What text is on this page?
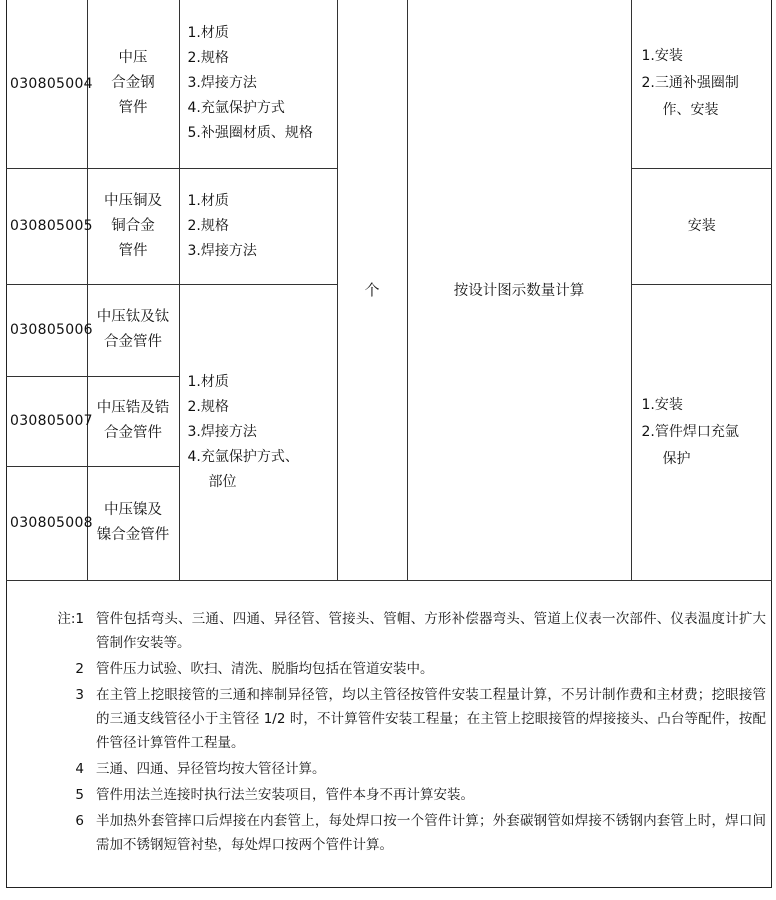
030805004	中压
合金钢
管件	1.材质
2.规格
3.焊接方法
4.充氩保护方式
5.补强圈材质、规格	个	按设计图示数量计算	1.安装
2.三通补强圈制
作、安装

030805005	中压铜及
铜合金
管件	1.材质
2.规格
3.焊接方法			安装

030805006	中压钛及钛
合金管件	1.材质
2.规格
3.焊接方法
4.充氩保护方式、
部位			1.安装
2.管件焊口充氩
保护

030805007	中压锆及锆
合金管件				

030805008	中压镍及
镍合金管件				
注:1 管件包括弯头、三通、四通、异径管、管接头、管帽、方形补偿器弯头、管道上仪表一次部件、仪表温度计扩大管制作安装等。
2 管件压力试验、吹扫、清洗、脱脂均包括在管道安装中。
3 在主管上挖眼接管的三通和摔制异径管，均以主管径按管件安装工程量计算，不另计制作费和主材费；挖眼接管的三通支线管径小于主管径 1/2 时，不计算管件安装工程量；在主管上挖眼接管的焊接接头、凸台等配件，按配件管径计算管件工程量。
4 三通、四通、异径管均按大管径计算。
5 管件用法兰连接时执行法兰安装项目，管件本身不再计算安装。
6 半加热外套管摔口后焊接在内套管上，每处焊口按一个管件计算；外套碳钢管如焊接不锈钢内套管上时，焊口间需加不锈钢短管衬垫，每处焊口按两个管件计算。
